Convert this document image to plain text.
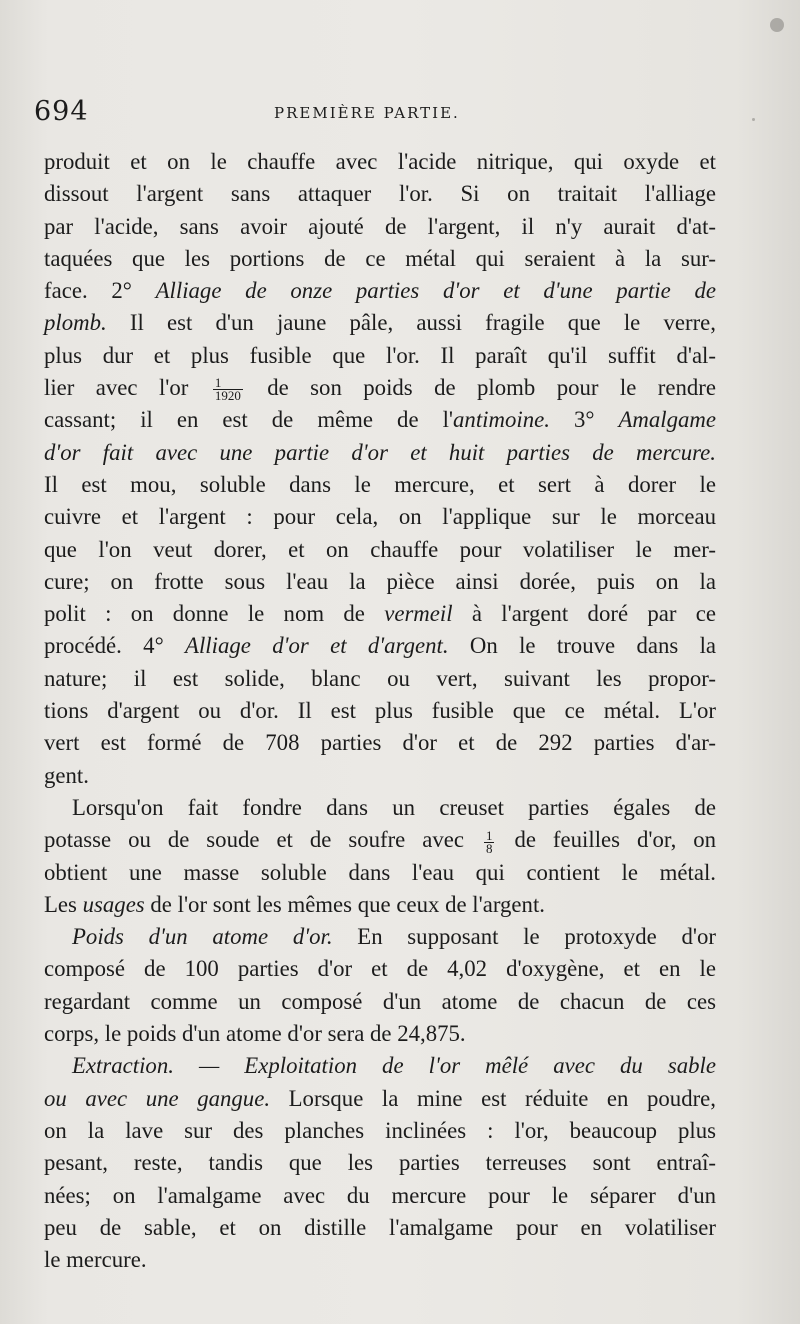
694	PREMIÈRE PARTIE.
produit et on le chauffe avec l'acide nitrique, qui oxyde et
dissout l'argent sans attaquer l'or. Si on traitait l'alliage
par l'acide, sans avoir ajouté de l'argent, il n'y aurait d'at-
taquées que les portions de ce métal qui seraient à la sur-
face. 2° Alliage de onze parties d'or et d'une partie de
plomb. Il est d'un jaune pâle, aussi fragile que le verre,
plus dur et plus fusible que l'or. Il paraît qu'il suffit d'al-
lier avec $l'or \frac{1}{1920}$ de son poids de plomb pour le rendre
cassant; il en est de même de l'antimoine. 3° Amalgame
d'or fait avec une partie d'or et huit parties de mercure.
Il est mou, soluble dans le mercure, et sert à dorer le
cuivre et l'argent : pour cela, on l'applique sur le morceau
que l'on veut dorer, et on chauffe pour volatiliser le mer-
cure; on frotte sous l'eau la pièce ainsi dorée, puis on la
polit : on donne le nom de vermeil à l'argent doré par ce
procédé. 4° Alliage d'or et d'argent. On le trouve dans la
nature; il est solide, blanc ou vert, suivant les propor-
tions d'argent ou d'or. Il est plus fusible que ce métal. L'or
vert est formé de 708 parties d'or et de 292 parties d'ar-
gent.
Lorsqu'on fait fondre dans un creuset parties égales de
potasse ou de soude et de soufre avec $\frac{1}{8}$ de feuilles d'or, on
obtient une masse soluble dans l'eau qui contient le métal.
Les usages de l'or sont les mêmes que ceux de l'argent.
Poids d'un atome d'or. En supposant le protoxyde d'or
composé de 100 parties d'or et de 4,02 d'oxygène, et en le
regardant comme un composé d'un atome de chacun de ces
corps, le poids d'un atome d'or sera de 24,875.
Extraction. — Exploitation de l'or mêlé avec du sable
ou avec une gangue. Lorsque la mine est réduite en poudre,
on la lave sur des planches inclinées : l'or, beaucoup plus
pesant, reste, tandis que les parties terreuses sont entraî-
nées; on l'amalgame avec du mercure pour le séparer d'un
peu de sable, et on distille l'amalgame pour en volatiliser
le mercure.
